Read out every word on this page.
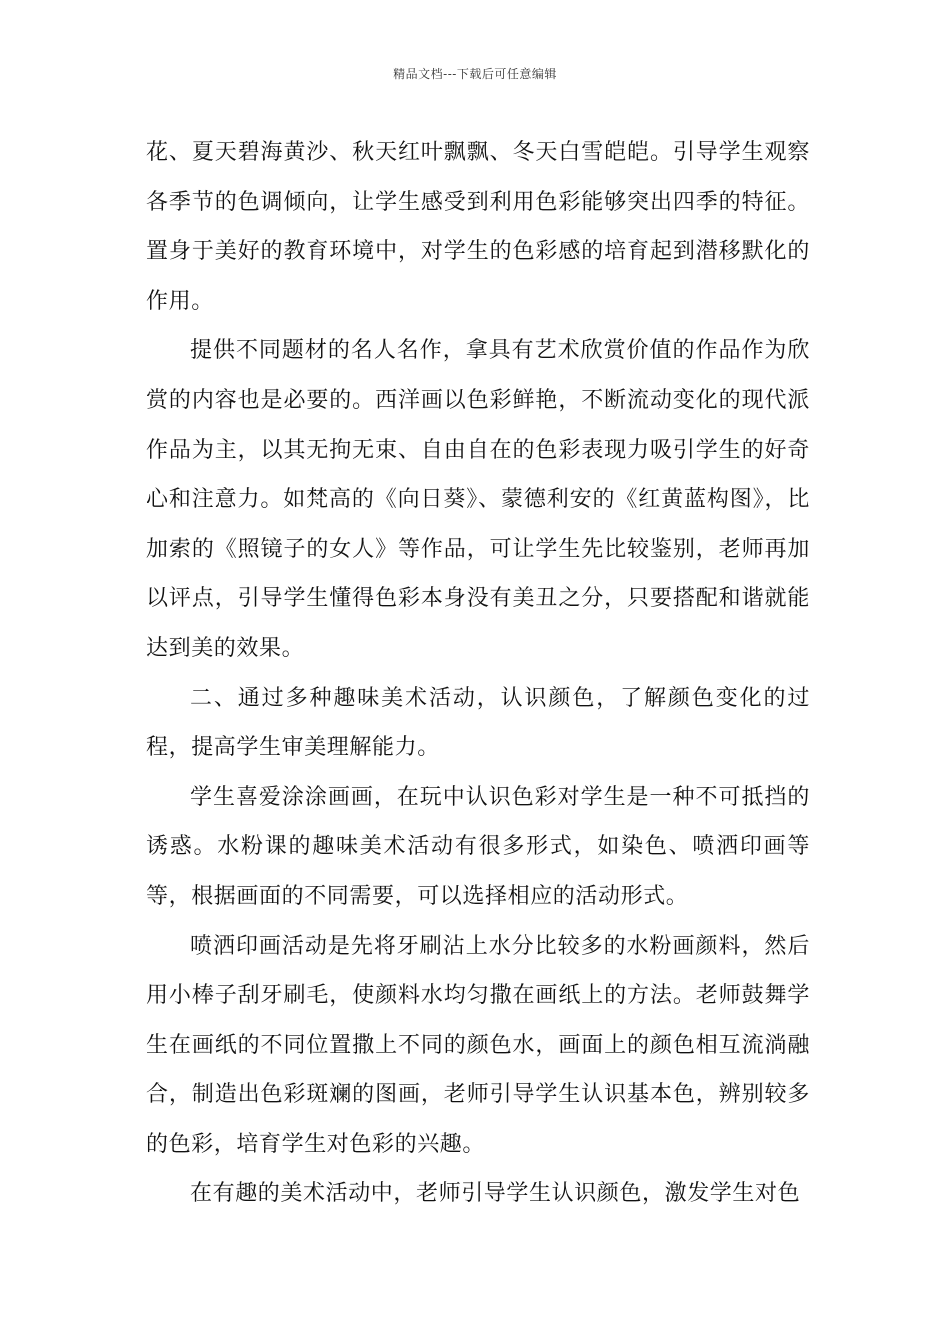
精品文档---下载后可任意编辑

花、夏天碧海黄沙、秋天红叶飘飘、冬天白雪皑皑。引导学生观察各季节的色调倾向，让学生感受到利用色彩能够突出四季的特征。置身于美好的教育环境中，对学生的色彩感的培育起到潜移默化的作用。

提供不同题材的名人名作，拿具有艺术欣赏价值的作品作为欣赏的内容也是必要的。西洋画以色彩鲜艳，不断流动变化的现代派作品为主，以其无拘无束、自由自在的色彩表现力吸引学生的好奇心和注意力。如梵高的《向日葵》、蒙德利安的《红黄蓝构图》，比加索的《照镜子的女人》等作品，可让学生先比较鉴别，老师再加以评点，引导学生懂得色彩本身没有美丑之分，只要搭配和谐就能达到美的效果。

二、通过多种趣味美术活动，认识颜色，了解颜色变化的过程，提高学生审美理解能力。

学生喜爱涂涂画画，在玩中认识色彩对学生是一种不可抵挡的诱惑。水粉课的趣味美术活动有很多形式，如染色、喷洒印画等等，根据画面的不同需要，可以选择相应的活动形式。

喷洒印画活动是先将牙刷沾上水分比较多的水粉画颜料，然后用小棒子刮牙刷毛，使颜料水均匀撒在画纸上的方法。老师鼓舞学生在画纸的不同位置撒上不同的颜色水，画面上的颜色相互流淌融合，制造出色彩斑斓的图画，老师引导学生认识基本色，辨别较多的色彩，培育学生对色彩的兴趣。

在有趣的美术活动中，老师引导学生认识颜色，激发学生对色
